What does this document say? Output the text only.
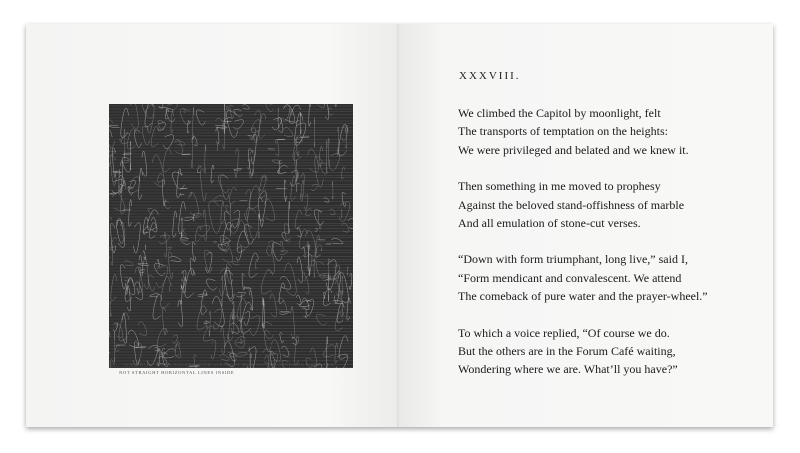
33. SCRIBBLES AND A SQUARE WITH STRAIGHT HORIZONTAL LINES OUTSIDE AND
NOT STRAIGHT HORIZONTAL LINES INSIDE
XXXVIII.
We climbed the Capitol by moonlight, felt
The transports of temptation on the heights:
We were privileged and belated and we knew it.
Then something in me moved to prophesy
Against the beloved stand-offishness of marble
And all emulation of stone-cut verses.
“Down with form triumphant, long live,” said I,
“Form mendicant and convalescent. We attend
The comeback of pure water and the prayer-wheel.”
To which a voice replied, “Of course we do.
But the others are in the Forum Café waiting,
Wondering where we are. What’ll you have?”
